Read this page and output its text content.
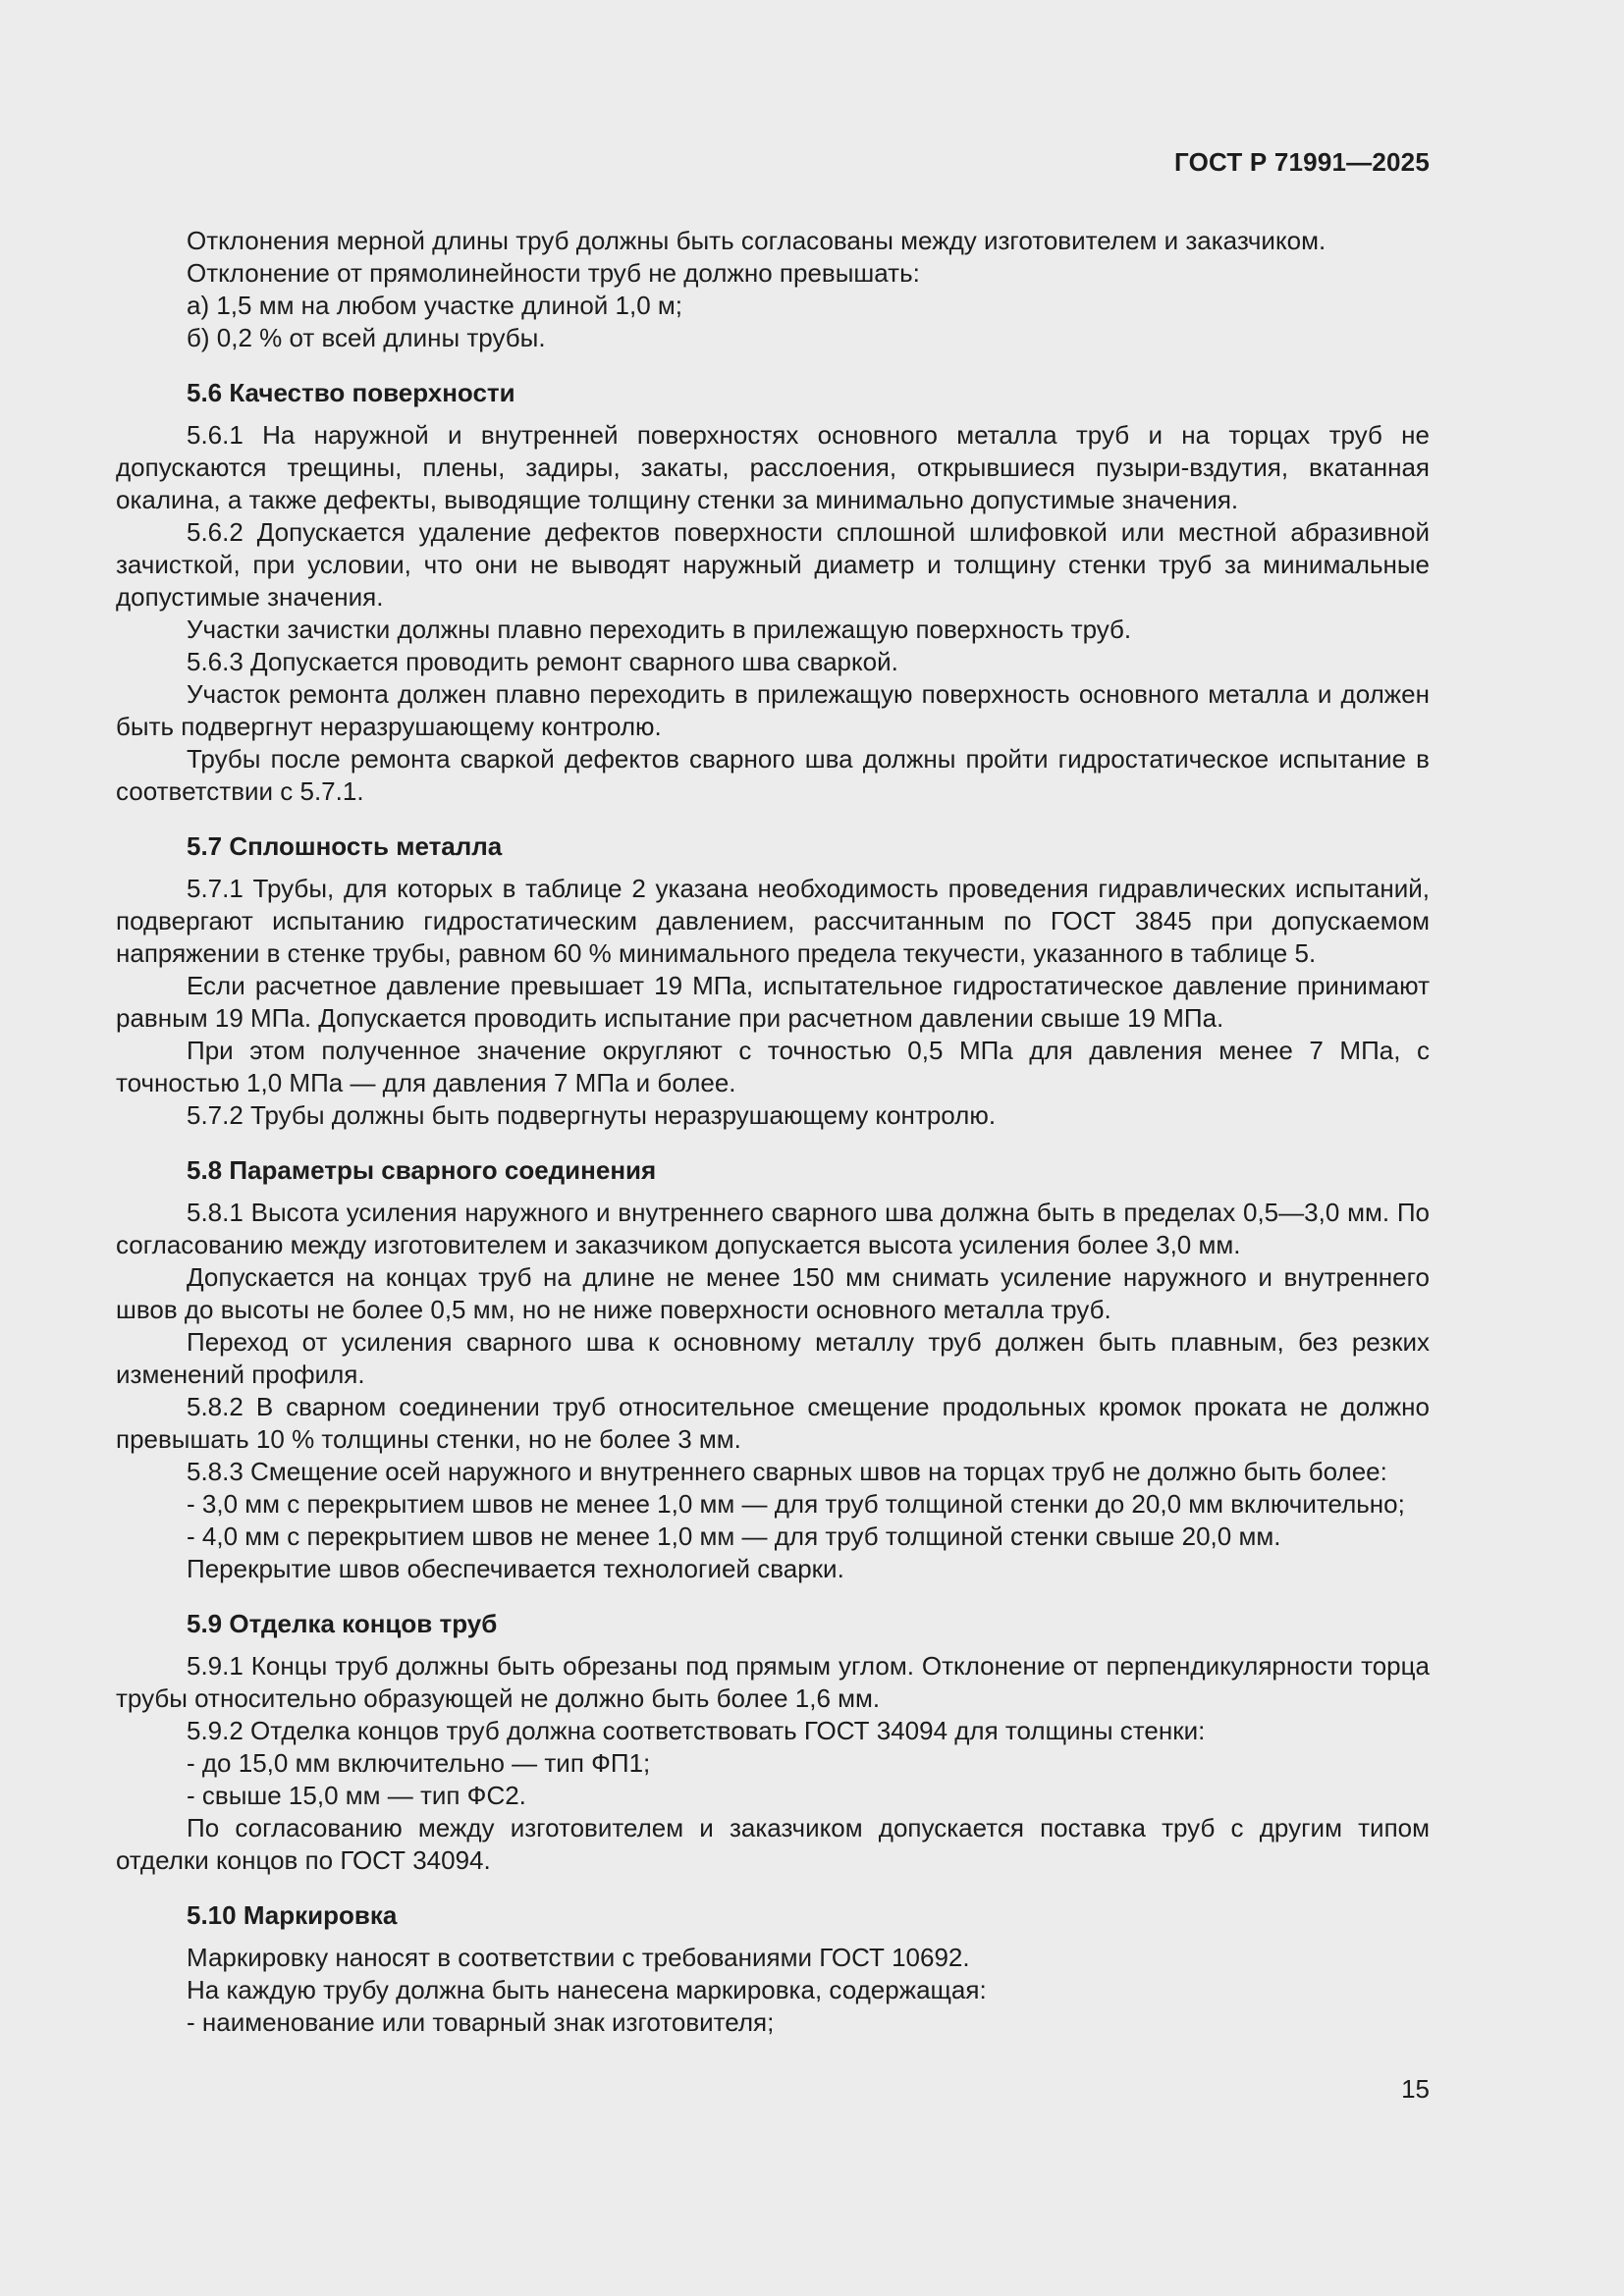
ГОСТ Р 71991—2025

Отклонения мерной длины труб должны быть согласованы между изготовителем и заказчиком.

Отклонение от прямолинейности труб не должно превышать:

а) 1,5 мм на любом участке длиной 1,0 м;

б) 0,2 % от всей длины трубы.

5.6 Качество поверхности

5.6.1 На наружной и внутренней поверхностях основного металла труб и на торцах труб не допускаются трещины, плены, задиры, закаты, расслоения, открывшиеся пузыри-вздутия, вкатанная окалина, а также дефекты, выводящие толщину стенки за минимально допустимые значения.

5.6.2 Допускается удаление дефектов поверхности сплошной шлифовкой или местной абразивной зачисткой, при условии, что они не выводят наружный диаметр и толщину стенки труб за минимальные допустимые значения.

Участки зачистки должны плавно переходить в прилежащую поверхность труб.

5.6.3 Допускается проводить ремонт сварного шва сваркой.

Участок ремонта должен плавно переходить в прилежащую поверхность основного металла и должен быть подвергнут неразрушающему контролю.

Трубы после ремонта сваркой дефектов сварного шва должны пройти гидростатическое испытание в соответствии с 5.7.1.

5.7 Сплошность металла

5.7.1 Трубы, для которых в таблице 2 указана необходимость проведения гидравлических испытаний, подвергают испытанию гидростатическим давлением, рассчитанным по ГОСТ 3845 при допускаемом напряжении в стенке трубы, равном 60 % минимального предела текучести, указанного в таблице 5.

Если расчетное давление превышает 19 МПа, испытательное гидростатическое давление принимают равным 19 МПа. Допускается проводить испытание при расчетном давлении свыше 19 МПа.

При этом полученное значение округляют с точностью 0,5 МПа для давления менее 7 МПа, с точностью 1,0 МПа — для давления 7 МПа и более.

5.7.2 Трубы должны быть подвергнуты неразрушающему контролю.

5.8 Параметры сварного соединения

5.8.1 Высота усиления наружного и внутреннего сварного шва должна быть в пределах 0,5—3,0 мм. По согласованию между изготовителем и заказчиком допускается высота усиления более 3,0 мм.

Допускается на концах труб на длине не менее 150 мм снимать усиление наружного и внутреннего швов до высоты не более 0,5 мм, но не ниже поверхности основного металла труб.

Переход от усиления сварного шва к основному металлу труб должен быть плавным, без резких изменений профиля.

5.8.2 В сварном соединении труб относительное смещение продольных кромок проката не должно превышать 10 % толщины стенки, но не более 3 мм.

5.8.3 Смещение осей наружного и внутреннего сварных швов на торцах труб не должно быть более:

- 3,0 мм с перекрытием швов не менее 1,0 мм — для труб толщиной стенки до 20,0 мм включительно;

- 4,0 мм с перекрытием швов не менее 1,0 мм — для труб толщиной стенки свыше 20,0 мм.

Перекрытие швов обеспечивается технологией сварки.

5.9 Отделка концов труб

5.9.1 Концы труб должны быть обрезаны под прямым углом. Отклонение от перпендикулярности торца трубы относительно образующей не должно быть более 1,6 мм.

5.9.2 Отделка концов труб должна соответствовать ГОСТ 34094 для толщины стенки:

- до 15,0 мм включительно — тип ФП1;

- свыше 15,0 мм — тип ФС2.

По согласованию между изготовителем и заказчиком допускается поставка труб с другим типом отделки концов по ГОСТ 34094.

5.10 Маркировка

Маркировку наносят в соответствии с требованиями ГОСТ 10692.

На каждую трубу должна быть нанесена маркировка, содержащая:

- наименование или товарный знак изготовителя;

15
